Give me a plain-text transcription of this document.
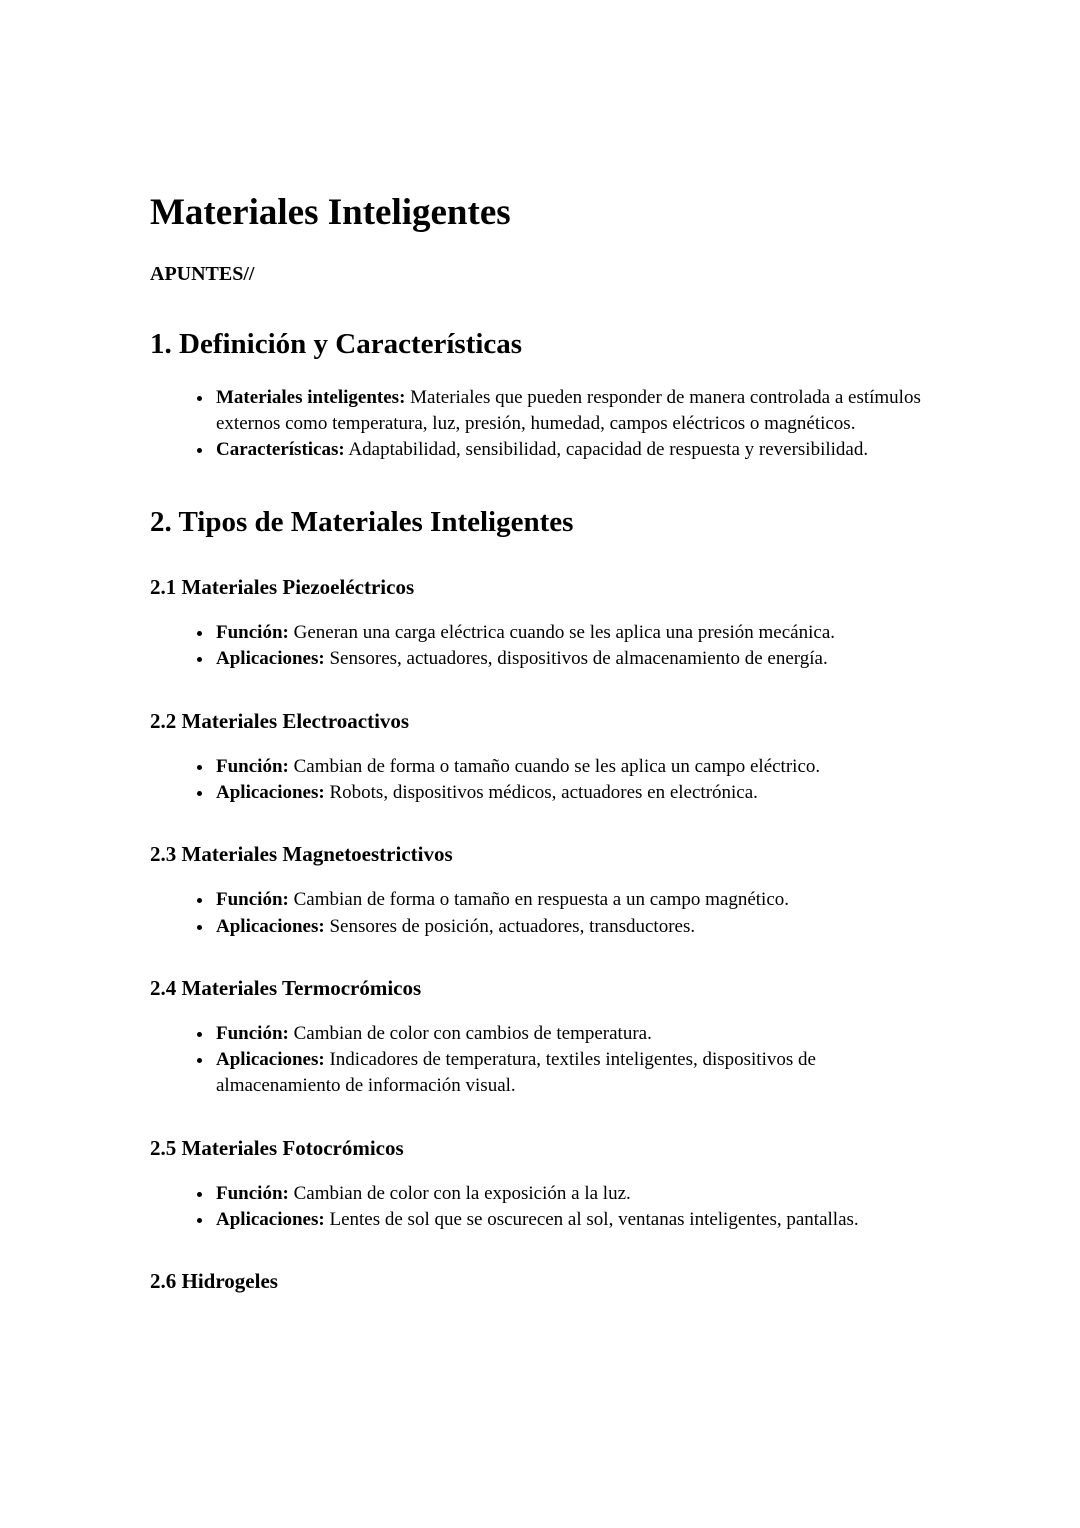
Materiales Inteligentes

APUNTES//

1. Definición y Características
• Materiales inteligentes: Materiales que pueden responder de manera controlada a estímulos externos como temperatura, luz, presión, humedad, campos eléctricos o magnéticos.
• Características: Adaptabilidad, sensibilidad, capacidad de respuesta y reversibilidad.
2. Tipos de Materiales Inteligentes
2.1 Materiales Piezoeléctricos
• Función: Generan una carga eléctrica cuando se les aplica una presión mecánica.
• Aplicaciones: Sensores, actuadores, dispositivos de almacenamiento de energía.
2.2 Materiales Electroactivos
• Función: Cambian de forma o tamaño cuando se les aplica un campo eléctrico.
• Aplicaciones: Robots, dispositivos médicos, actuadores en electrónica.
2.3 Materiales Magnetoestrictivos
• Función: Cambian de forma o tamaño en respuesta a un campo magnético.
• Aplicaciones: Sensores de posición, actuadores, transductores.
2.4 Materiales Termocrómicos
• Función: Cambian de color con cambios de temperatura.
• Aplicaciones: Indicadores de temperatura, textiles inteligentes, dispositivos de almacenamiento de información visual.
2.5 Materiales Fotocrómicos
• Función: Cambian de color con la exposición a la luz.
• Aplicaciones: Lentes de sol que se oscurecen al sol, ventanas inteligentes, pantallas.
2.6 Hidrogeles
